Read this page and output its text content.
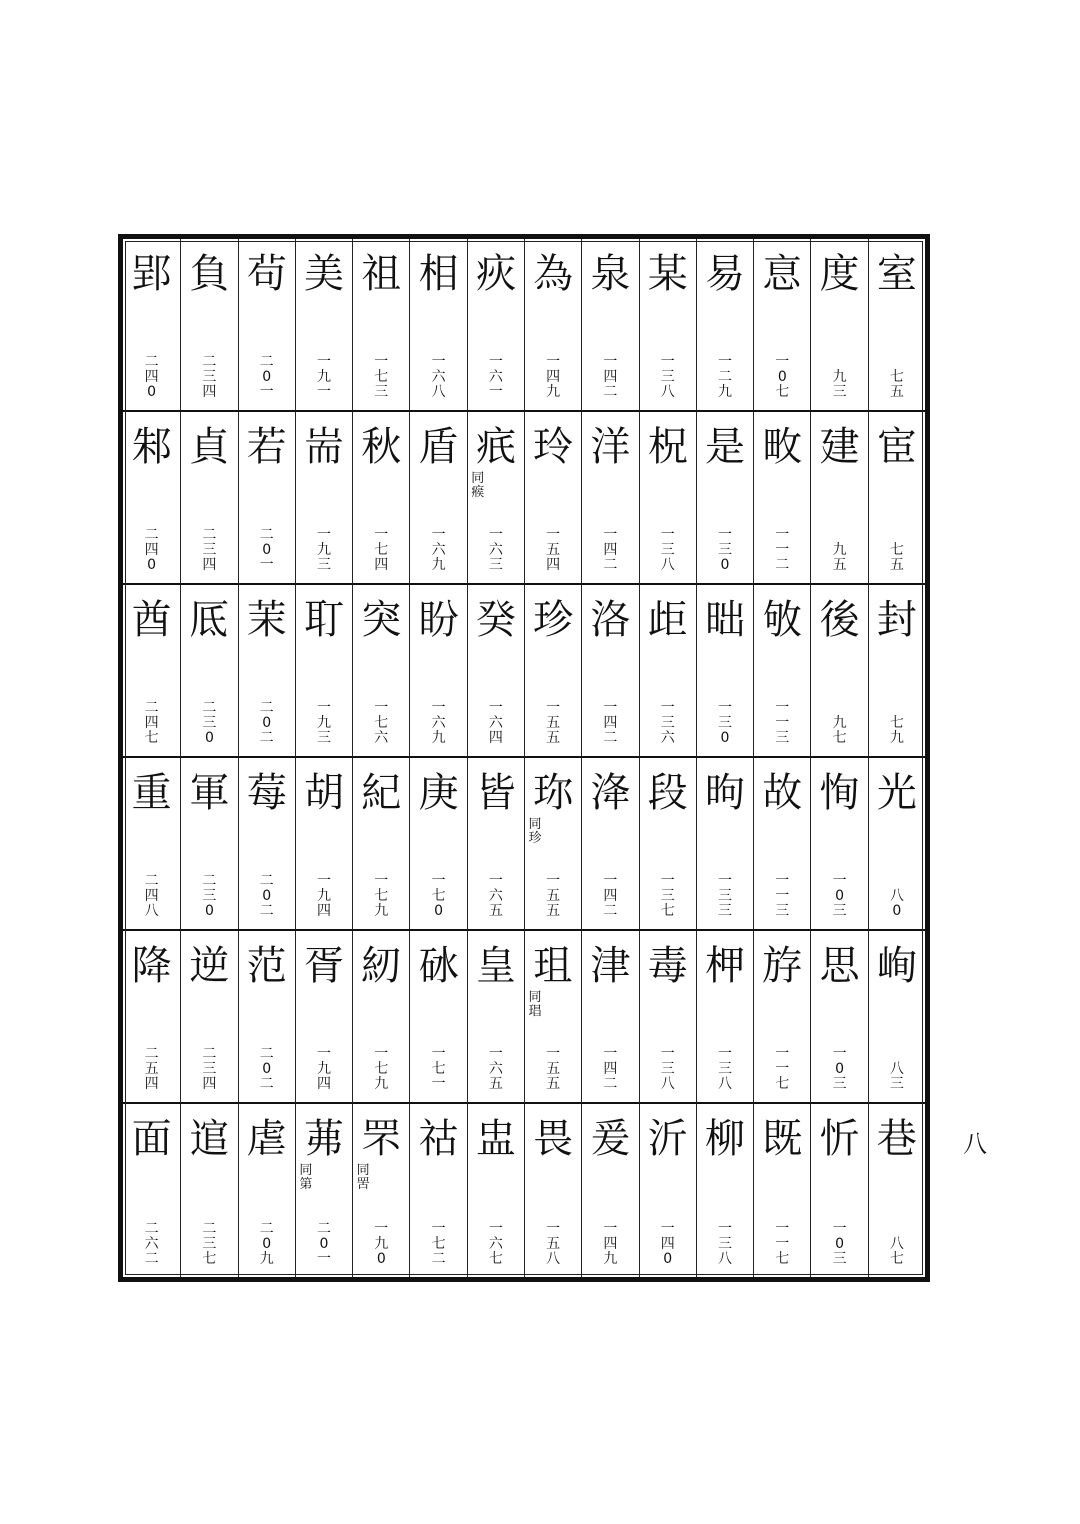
郢
二四0
負
二三四
茍
二0一
美
一九一
祖
一七三
相
一六八
疢
一六一
為
一四九
泉
一四二
某
一三八
易
一二九
恴
一0七
度
九三
室
七五
邾
二四0
貞
二三四
若
二0一
耑
一九三
秋
一七四
盾
一六九
疧
同瘊
一六三
玲
一五四
洋
一四二
柷
一三八
是
一三0
畋
一一二
建
九五
宦
七五
酋
二四七
厎
二三0
茉
二0二
耵
一九三
突
一七六
盼
一六九
癸
一六四
珍
一五五
洛
一四二
歫
一三六
昢
一三0
敂
一一三
後
九七
封
七九
重
二四八
軍
二三0
莓
二0二
胡
一九四
紀
一七九
庚
一七0
皆
一六五
珎
同珍
一五五
洚
一四二
段
一三七
昫
一三三
故
一一三
恂
一0三
光
八0
降
二五四
逆
二三四
范
二0二
胥
一九四
紉
一七九
砅
一七一
皇
一六五
珇
同琩
一五五
津
一四二
毒
一三八
柙
一三八
斿
一一七
思
一0三
峋
八三
面
二六二
逭
二三七
虐
二0九
茀
同第
二0一
罘
同罟
一九0
祜
一七二
盅
一六七
畏
一五八
爰
一四九
沂
一四0
柳
一三八
既
一一七
忻
一0三
巷
八七
八
